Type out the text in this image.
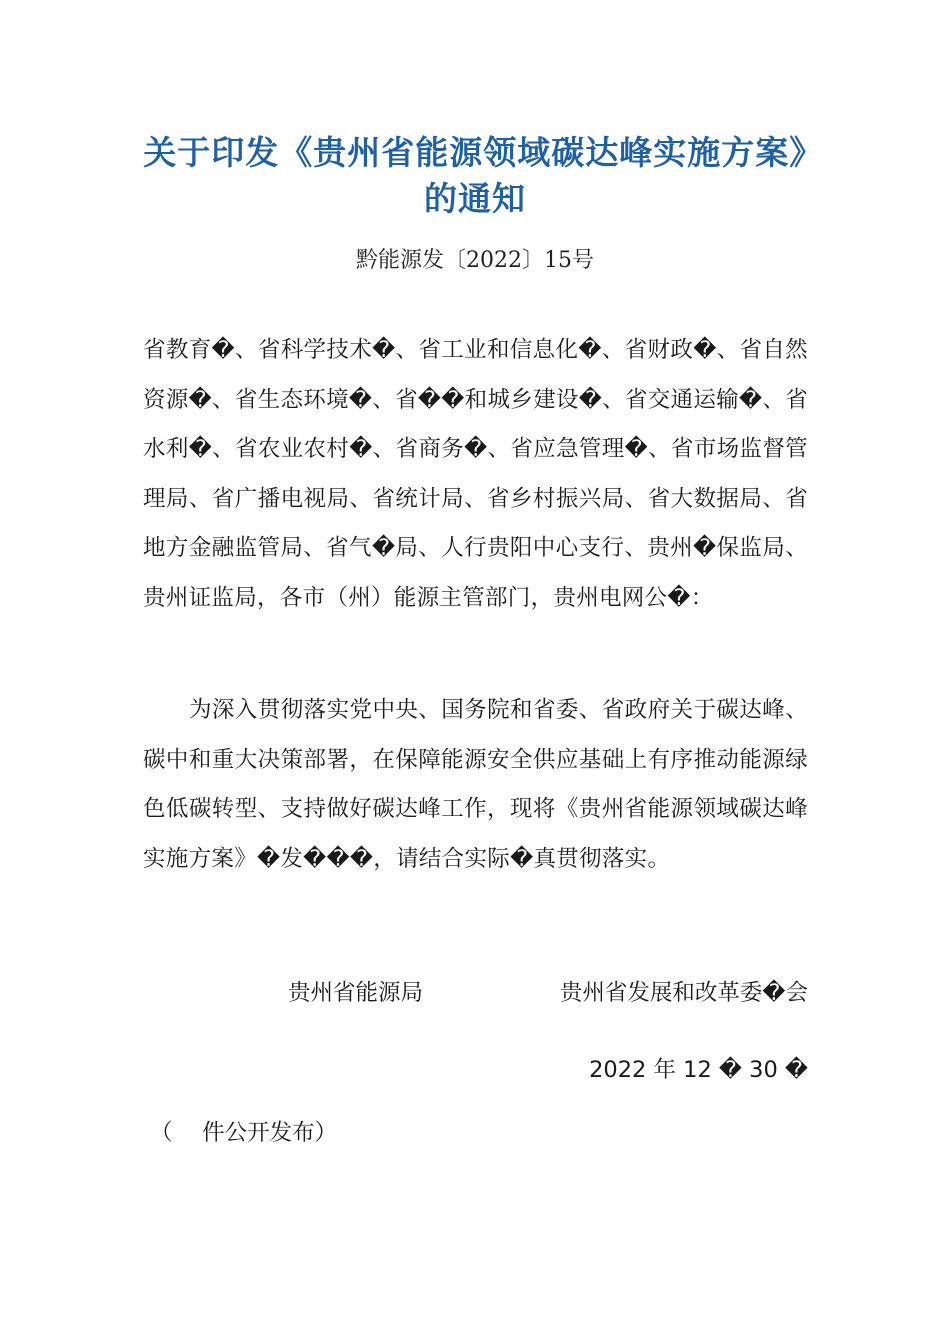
关于印发《贵州省能源领域碳达峰实施方案》的通知
黔能源发〔2022〕15号

省教育�、省科学技术�、省工业和信息化�、省财政�、省自然资源�、省生态环境�、省��和城乡建设�、省交通运输�、省水利�、省农业农村�、省商务�、省应急管理�、省市场监督管理局、省广播电视局、省统计局、省乡村振兴局、省大数据局、省地方金融监管局、省气�局、人行贵阳中心支行、贵州�保监局、贵州证监局，各市（州）能源主管部门，贵州电网公�：

为深入贯彻落实党中央、国务院和省委、省政府关于碳达峰、碳中和重大决策部署，在保障能源安全供应基础上有序推动能源绿色低碳转型、支持做好碳达峰工作，现将《贵州省能源领域碳达峰实施方案》�发���，请结合实际�真贯彻落实。

贵州省能源局	贵州省发展和改革委�会
2022 年 12 � 30 �
（　 件公开发布）
